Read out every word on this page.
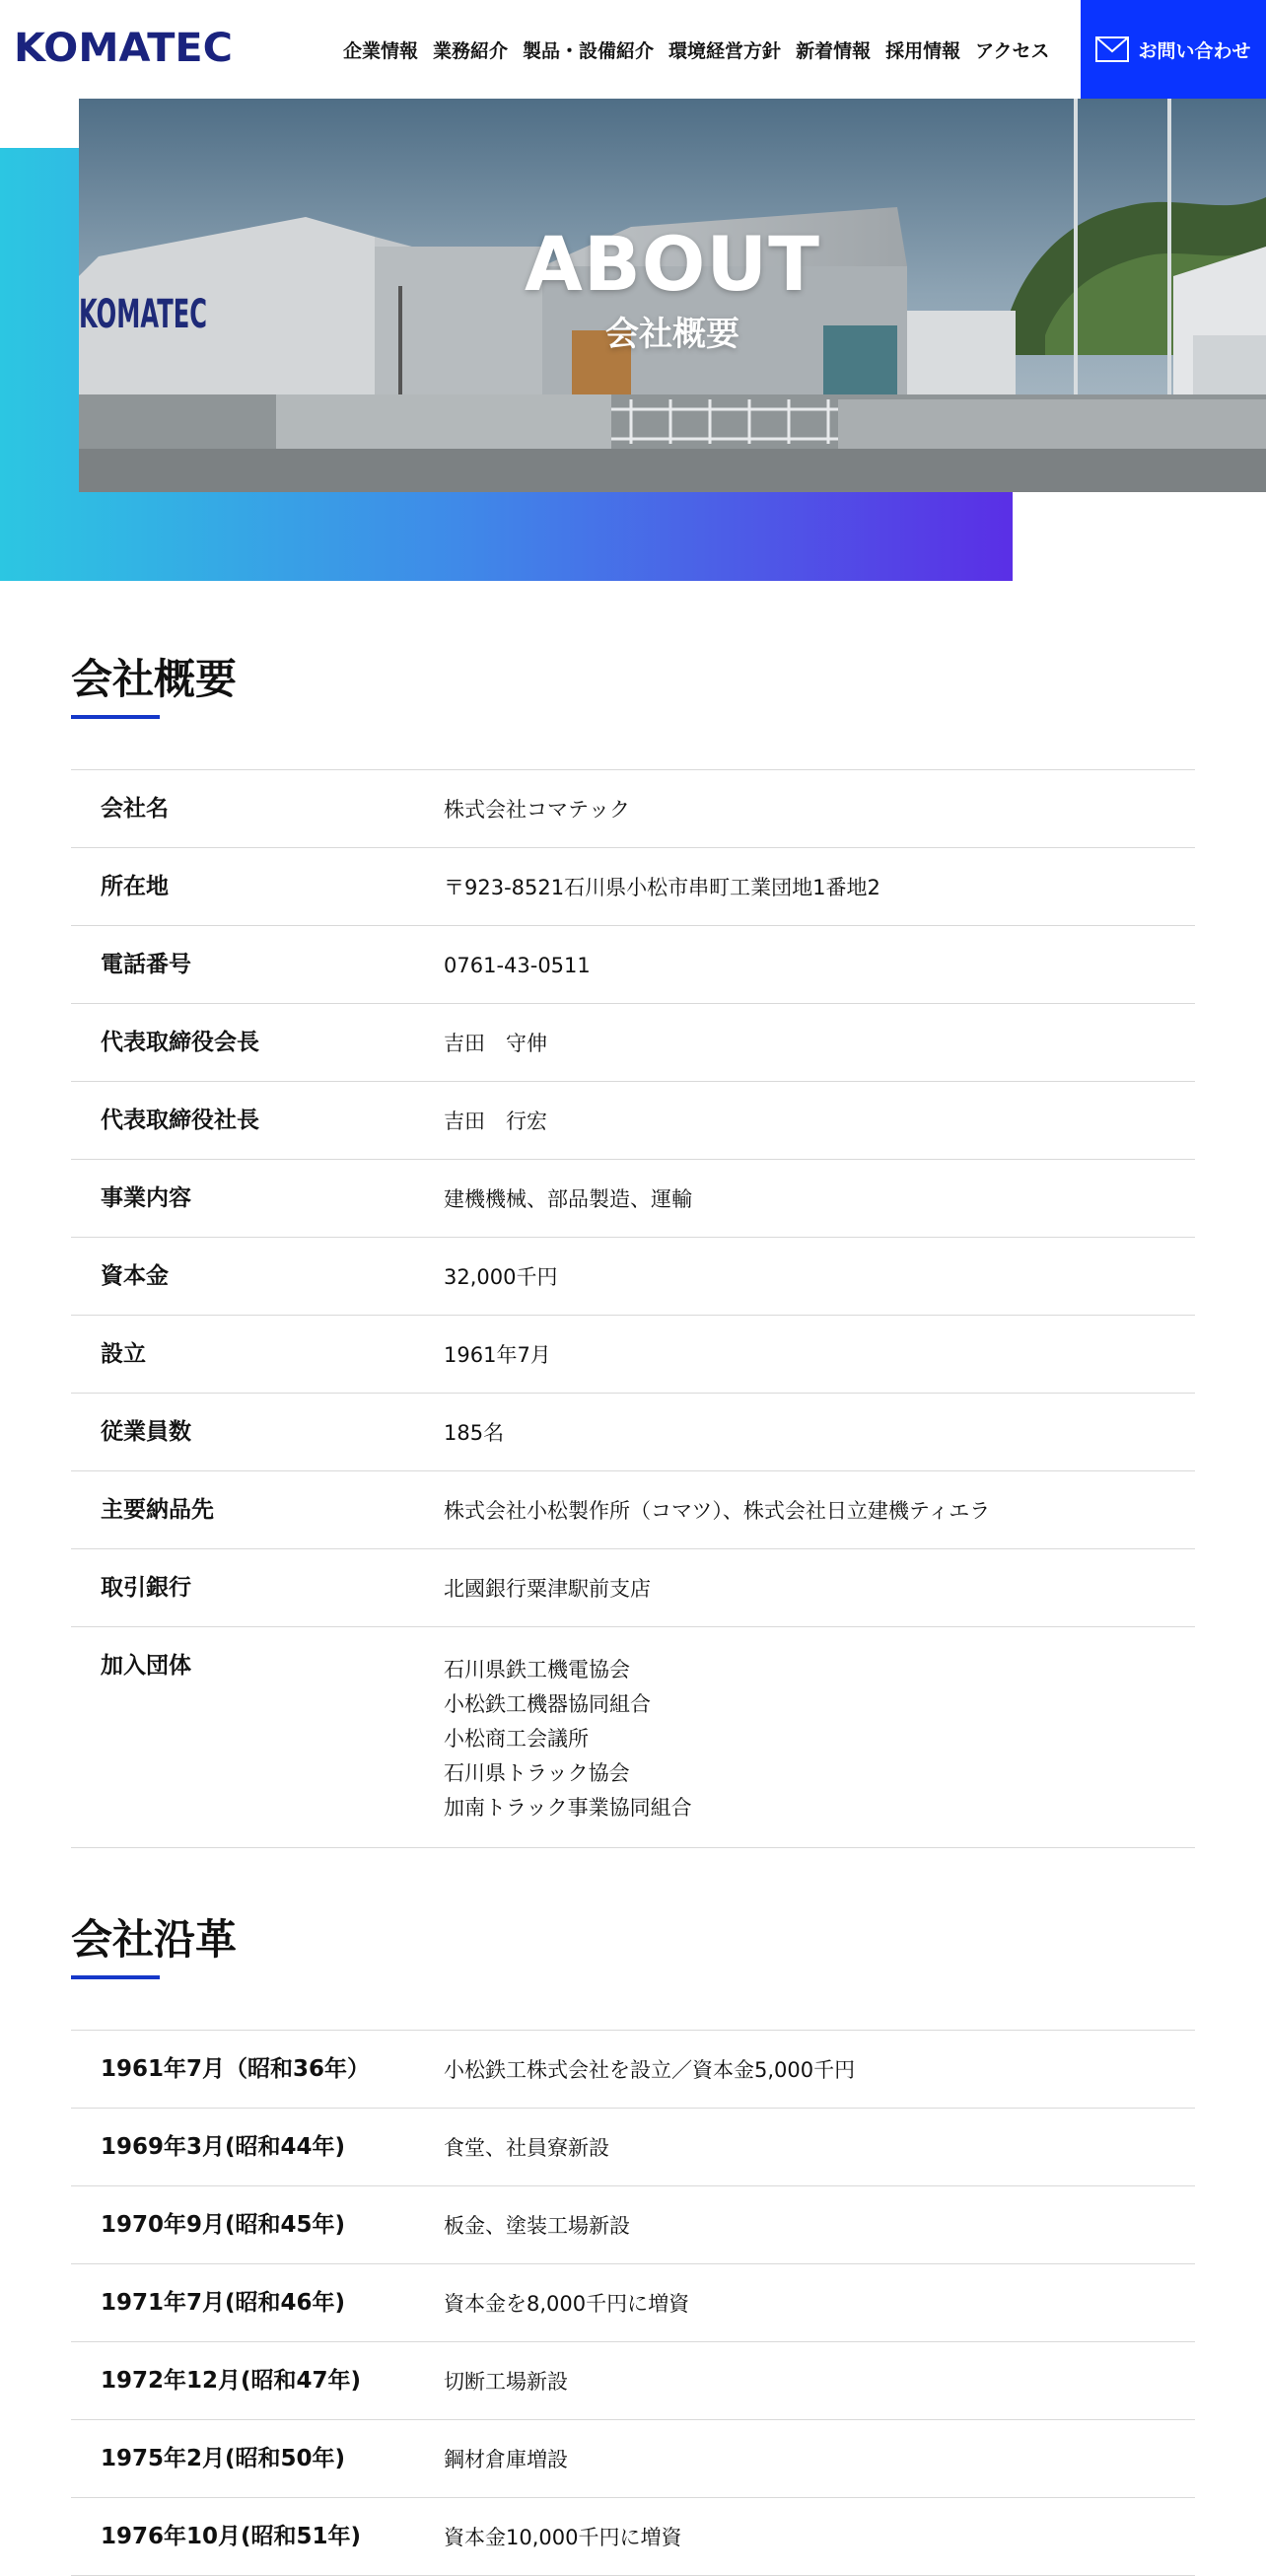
KOMATEC	企業情報 業務紹介 製品・設備紹介 環境経営方針 新着情報 採用情報 アクセス	お問い合わせ
KOMATEC
ABOUT
会社概要
会社概要
会社名	株式会社コマテック
所在地	〒923-8521石川県小松市串町工業団地1番地2
電話番号	0761-43-0511
代表取締役会長	吉田　守伸
代表取締役社長	吉田　行宏
事業内容	建機機械、部品製造、運輸
資本金	32,000千円
設立	1961年7月
従業員数	185名
主要納品先	株式会社小松製作所（コマツ）、株式会社日立建機ティエラ
取引銀行	北國銀行粟津駅前支店
加入団体	石川県鉄工機電協会
小松鉄工機器協同組合
小松商工会議所
石川県トラック協会
加南トラック事業協同組合
会社沿革
1961年7月（昭和36年）	小松鉄工株式会社を設立／資本金5,000千円
1969年3月(昭和44年)	食堂、社員寮新設
1970年9月(昭和45年)	板金、塗装工場新設
1971年7月(昭和46年)	資本金を8,000千円に増資
1972年12月(昭和47年)	切断工場新設
1975年2月(昭和50年)	鋼材倉庫増設
1976年10月(昭和51年)	資本金10,000千円に増資
